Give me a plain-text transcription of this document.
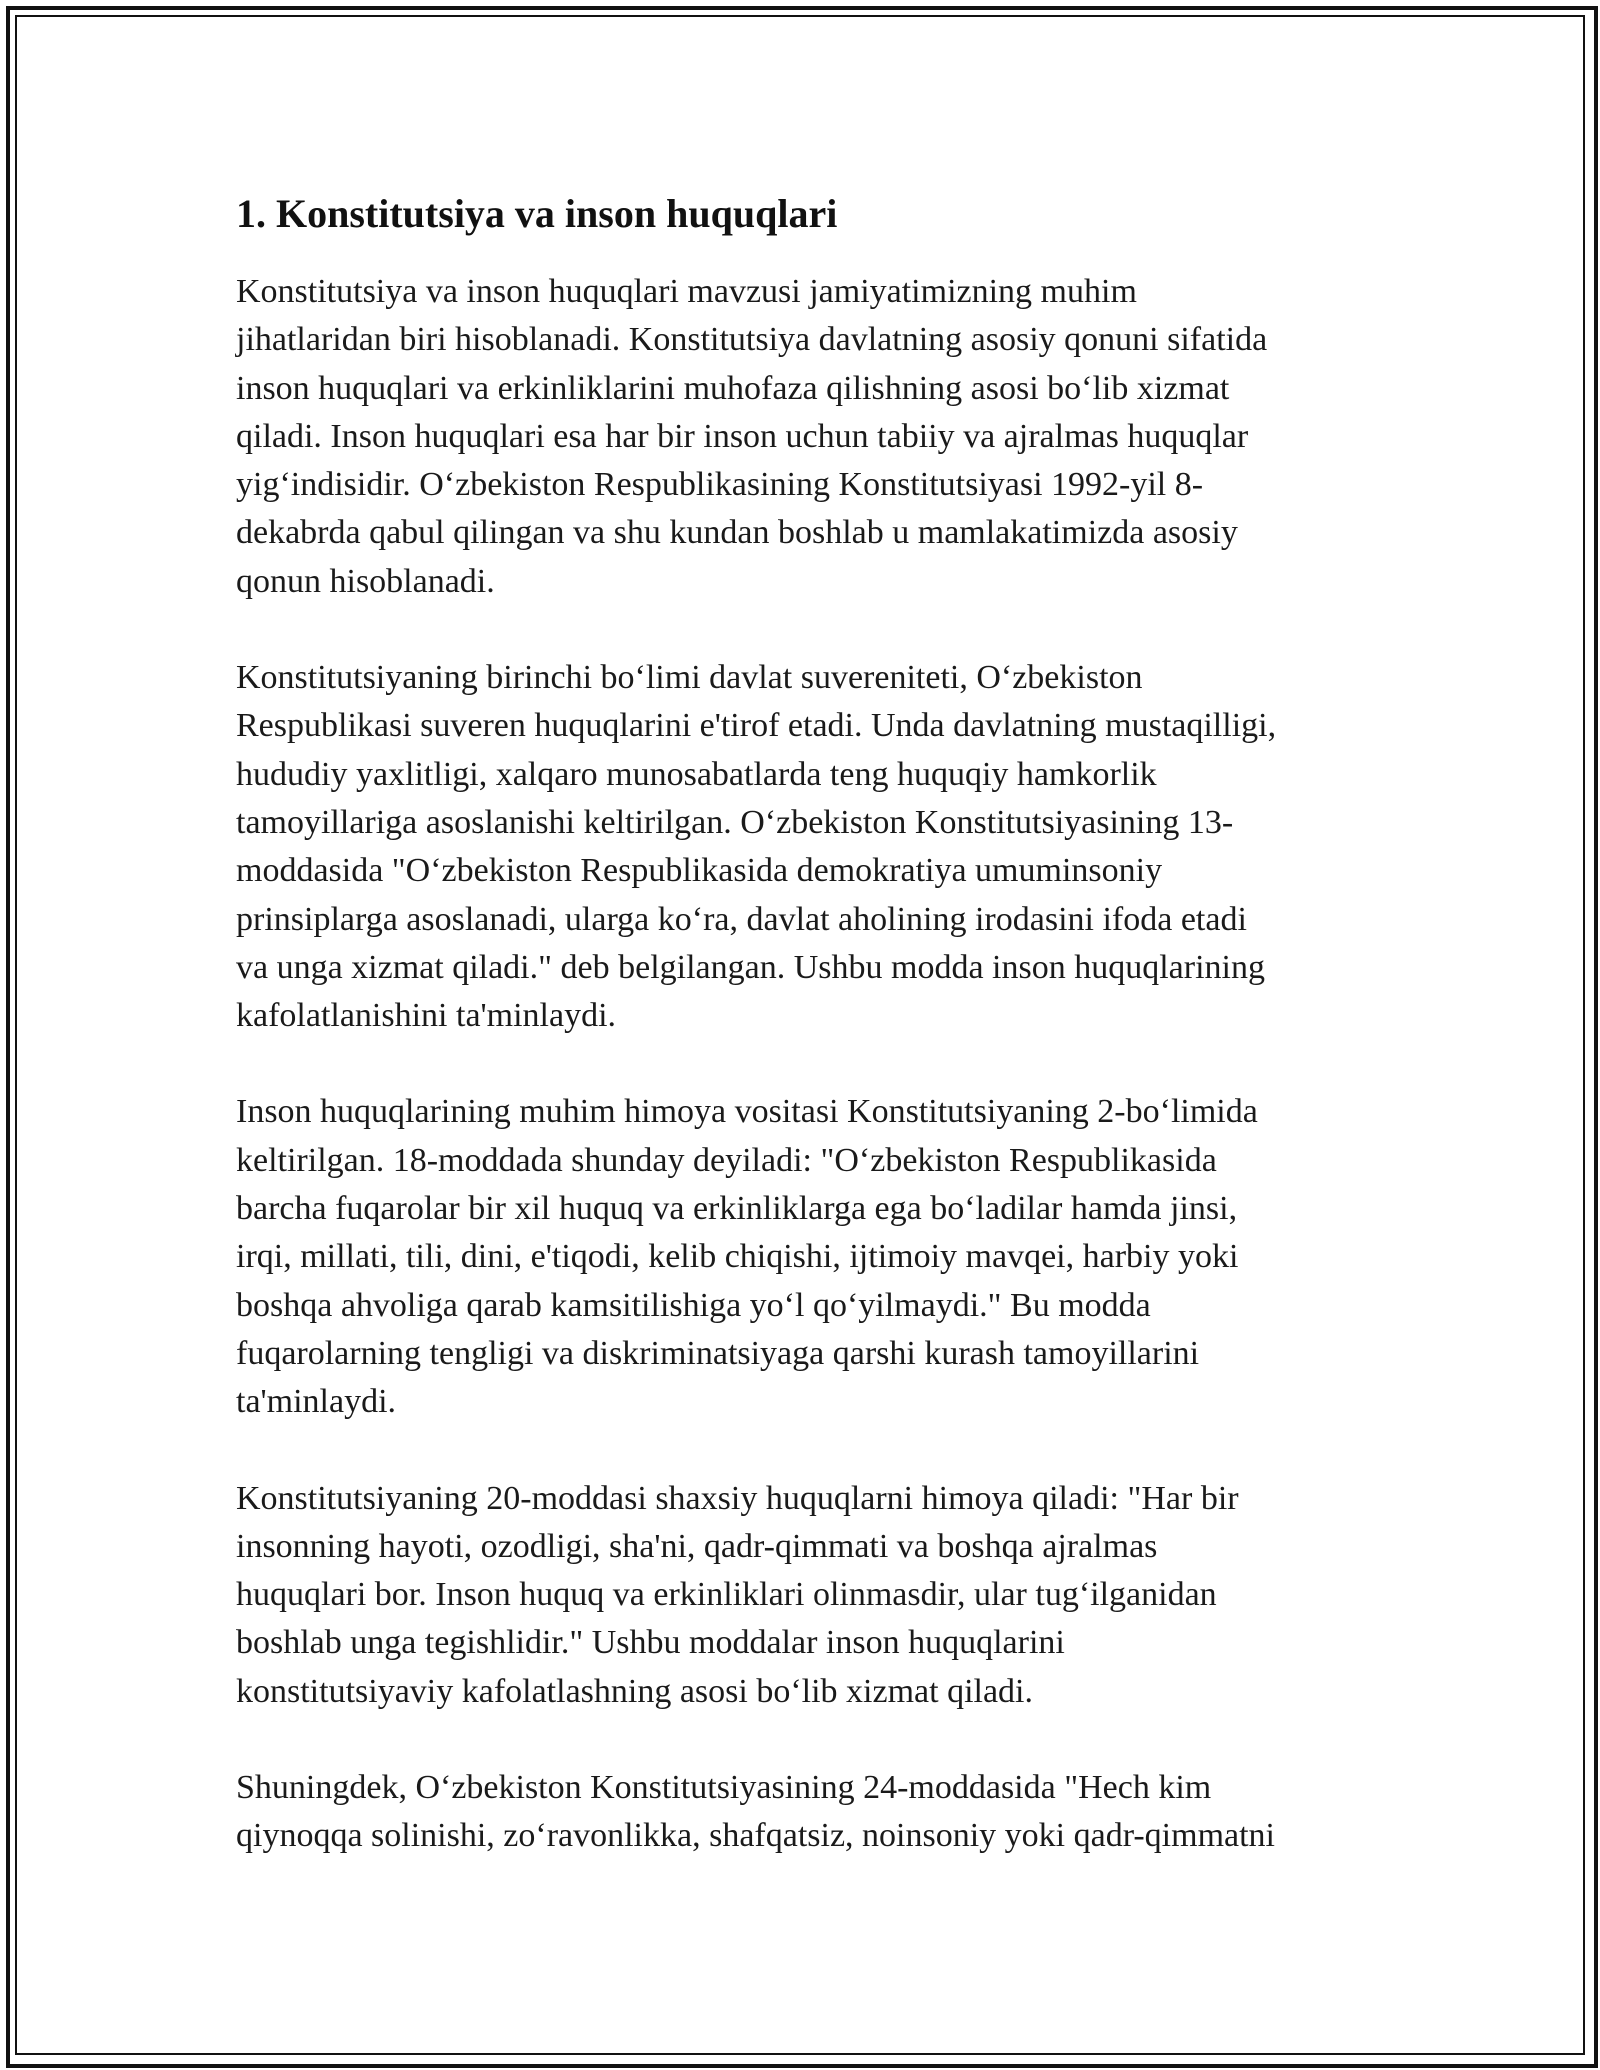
1. Konstitutsiya va inson huquqlari

Konstitutsiya va inson huquqlari mavzusi jamiyatimizning muhim
jihatlaridan biri hisoblanadi. Konstitutsiya davlatning asosiy qonuni sifatida
inson huquqlari va erkinliklarini muhofaza qilishning asosi boʻlib xizmat
qiladi. Inson huquqlari esa har bir inson uchun tabiiy va ajralmas huquqlar
yigʻindisidir. Oʻzbekiston Respublikasining Konstitutsiyasi 1992-yil 8-
dekabrda qabul qilingan va shu kundan boshlab u mamlakatimizda asosiy
qonun hisoblanadi.

Konstitutsiyaning birinchi boʻlimi davlat suvereniteti, Oʻzbekiston
Respublikasi suveren huquqlarini e'tirof etadi. Unda davlatning mustaqilligi,
hududiy yaxlitligi, xalqaro munosabatlarda teng huquqiy hamkorlik
tamoyillariga asoslanishi keltirilgan. Oʻzbekiston Konstitutsiyasining 13-
moddasida "Oʻzbekiston Respublikasida demokratiya umuminsoniy
prinsiplarga asoslanadi, ularga koʻra, davlat aholining irodasini ifoda etadi
va unga xizmat qiladi." deb belgilangan. Ushbu modda inson huquqlarining
kafolatlanishini ta'minlaydi.

Inson huquqlarining muhim himoya vositasi Konstitutsiyaning 2-boʻlimida
keltirilgan. 18-moddada shunday deyiladi: "Oʻzbekiston Respublikasida
barcha fuqarolar bir xil huquq va erkinliklarga ega boʻladilar hamda jinsi,
irqi, millati, tili, dini, e'tiqodi, kelib chiqishi, ijtimoiy mavqei, harbiy yoki
boshqa ahvoliga qarab kamsitilishiga yoʻl qoʻyilmaydi." Bu modda
fuqarolarning tengligi va diskriminatsiyaga qarshi kurash tamoyillarini
ta'minlaydi.

Konstitutsiyaning 20-moddasi shaxsiy huquqlarni himoya qiladi: "Har bir
insonning hayoti, ozodligi, sha'ni, qadr-qimmati va boshqa ajralmas
huquqlari bor. Inson huquq va erkinliklari olinmasdir, ular tugʻilganidan
boshlab unga tegishlidir." Ushbu moddalar inson huquqlarini
konstitutsiyaviy kafolatlashning asosi boʻlib xizmat qiladi.

Shuningdek, Oʻzbekiston Konstitutsiyasining 24-moddasida "Hech kim
qiynoqqa solinishi, zoʻravonlikka, shafqatsiz, noinsoniy yoki qadr-qimmatni
